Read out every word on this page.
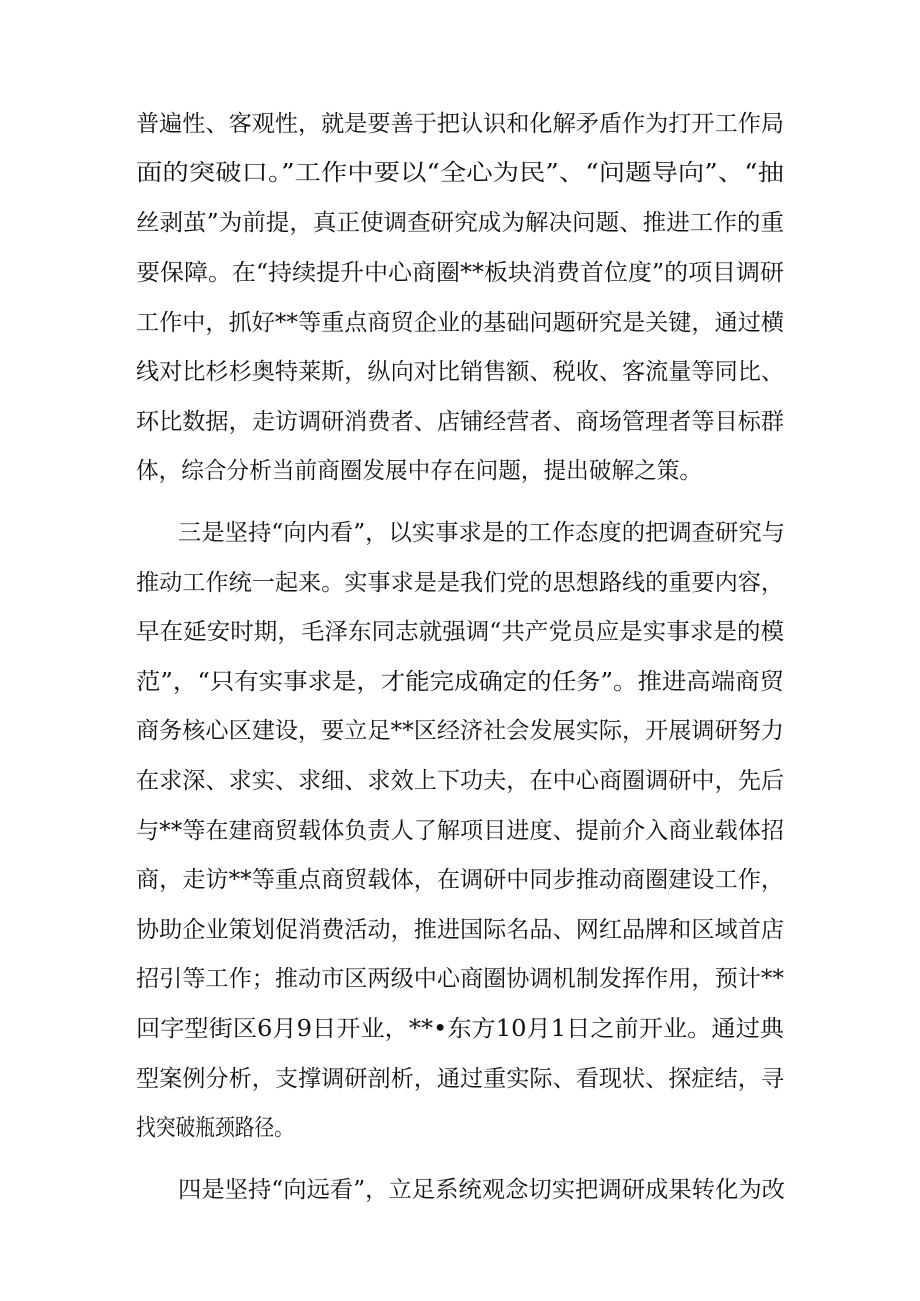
普遍性、客观性，就是要善于把认识和化解矛盾作为打开工作局
面的突破口。”工作中要以“全心为民”、“问题导向”、“抽
丝剥茧”为前提，真正使调查研究成为解决问题、推进工作的重
要保障。在“持续提升中心商圈**板块消费首位度”的项目调研
工作中，抓好**等重点商贸企业的基础问题研究是关键，通过横
线对比杉杉奥特莱斯，纵向对比销售额、税收、客流量等同比、
环比数据，走访调研消费者、店铺经营者、商场管理者等目标群
体，综合分析当前商圈发展中存在问题，提出破解之策。
三是坚持“向内看”，以实事求是的工作态度的把调查研究与
推动工作统一起来。实事求是是我们党的思想路线的重要内容，
早在延安时期，毛泽东同志就强调“共产党员应是实事求是的模
范”，“只有实事求是，才能完成确定的任务”。推进高端商贸
商务核心区建设，要立足**区经济社会发展实际，开展调研努力
在求深、求实、求细、求效上下功夫，在中心商圈调研中，先后
与**等在建商贸载体负责人了解项目进度、提前介入商业载体招
商，走访**等重点商贸载体，在调研中同步推动商圈建设工作，
协助企业策划促消费活动，推进国际名品、网红品牌和区域首店
招引等工作；推动市区两级中心商圈协调机制发挥作用，预计**
回字型街区6月9日开业，**•东方10月1日之前开业。通过典
型案例分析，支撑调研剖析，通过重实际、看现状、探症结，寻
找突破瓶颈路径。
四是坚持“向远看”，立足系统观念切实把调研成果转化为改
